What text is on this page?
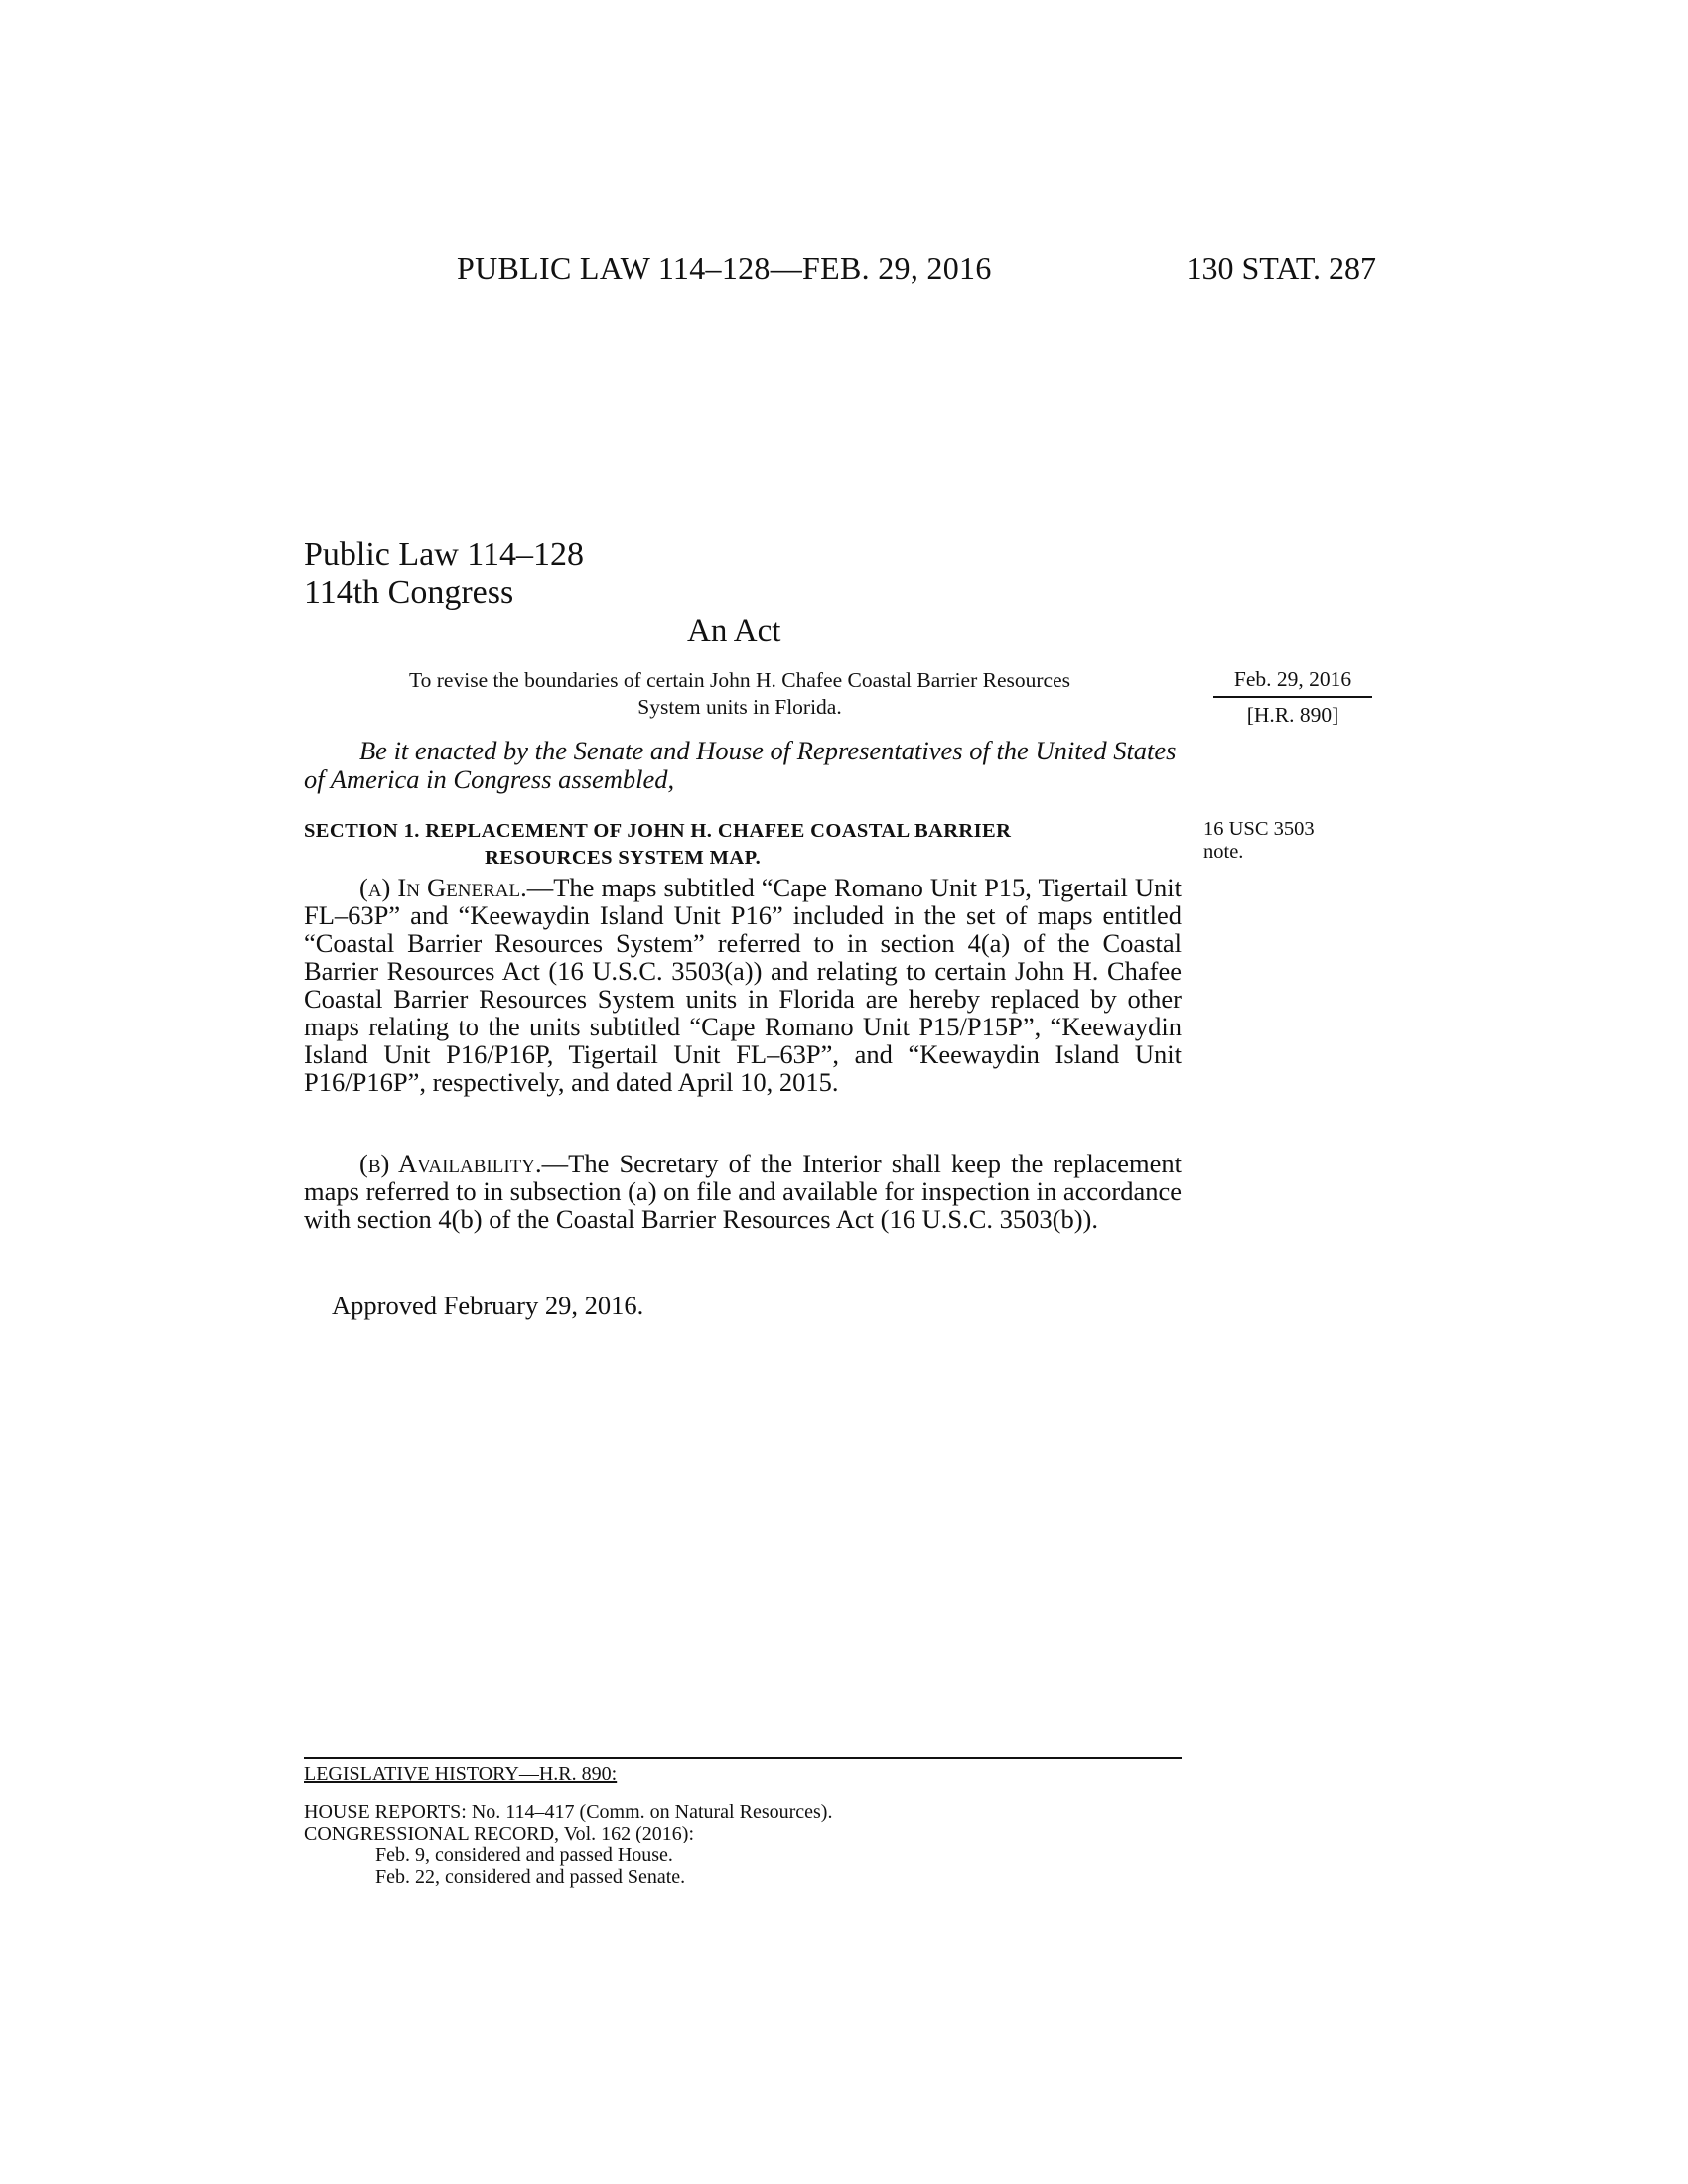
PUBLIC LAW 114–128—FEB. 29, 2016	130 STAT. 287
Public Law 114–128
114th Congress
An Act
To revise the boundaries of certain John H. Chafee Coastal Barrier Resources
System units in Florida.
Feb. 29, 2016
[H.R. 890]
Be it enacted by the Senate and House of Representatives of the United States of America in Congress assembled,
SECTION 1. REPLACEMENT OF JOHN H. CHAFEE COASTAL BARRIER
RESOURCES SYSTEM MAP.
16 USC 3503
note.
(a) In General.—The maps subtitled “Cape Romano Unit P15, Tigertail Unit FL–63P” and “Keewaydin Island Unit P16” included in the set of maps entitled “Coastal Barrier Resources System” referred to in section 4(a) of the Coastal Barrier Resources Act (16 U.S.C. 3503(a)) and relating to certain John H. Chafee Coastal Barrier Resources System units in Florida are hereby replaced by other maps relating to the units subtitled “Cape Romano Unit P15/P15P”, “Keewaydin Island Unit P16/P16P, Tigertail Unit FL–63P”, and “Keewaydin Island Unit P16/P16P”, respectively, and dated April 10, 2015.
(b) Availability.—The Secretary of the Interior shall keep the replacement maps referred to in subsection (a) on file and available for inspection in accordance with section 4(b) of the Coastal Barrier Resources Act (16 U.S.C. 3503(b)).
Approved February 29, 2016.
LEGISLATIVE HISTORY—H.R. 890:
HOUSE REPORTS: No. 114–417 (Comm. on Natural Resources).
CONGRESSIONAL RECORD, Vol. 162 (2016):
Feb. 9, considered and passed House.
Feb. 22, considered and passed Senate.
